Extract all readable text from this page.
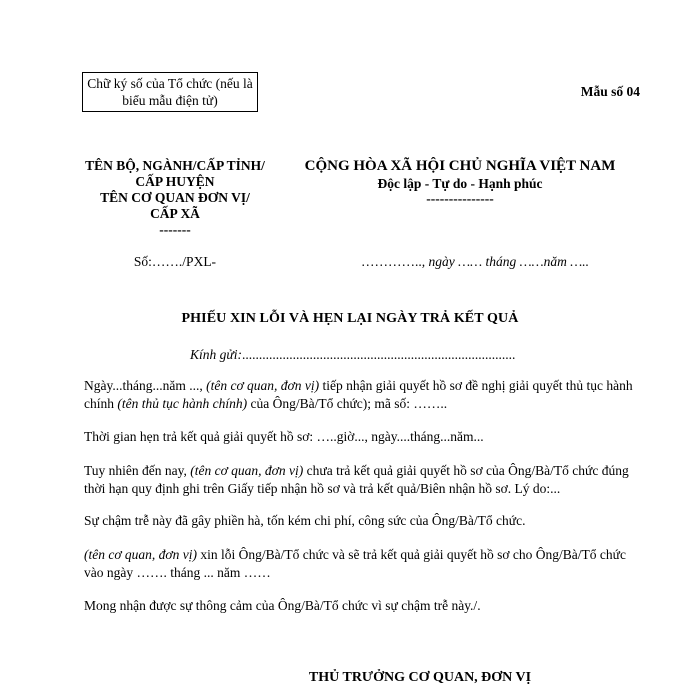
Chữ ký số của Tổ chức (nếu là
biểu mẫu điện tử)
Mẫu số 04
TÊN BỘ, NGÀNH/CẤP TỈNH/
CẤP HUYỆN
TÊN CƠ QUAN ĐƠN VỊ/
CẤP XÃ
-------
CỘNG HÒA XÃ HỘI CHỦ NGHĨA VIỆT NAM
Độc lập - Tự do - Hạnh phúc
---------------
Số:……./PXL-	………….., ngày …… tháng ……năm …..
PHIẾU XIN LỖI VÀ HẸN LẠI NGÀY TRẢ KẾT QUẢ
Kính gửi:.................................................................................
Ngày...tháng...năm ..., (tên cơ quan, đơn vị) tiếp nhận giải quyết hồ sơ đề nghị giải quyết thủ tục hành chính (tên thủ tục hành chính) của Ông/Bà/Tổ chức); mã số: ……..
Thời gian hẹn trả kết quả giải quyết hồ sơ: …..giờ..., ngày....tháng...năm...
Tuy nhiên đến nay, (tên cơ quan, đơn vị) chưa trả kết quả giải quyết hồ sơ của Ông/Bà/Tổ chức đúng thời hạn quy định ghi trên Giấy tiếp nhận hồ sơ và trả kết quả/Biên nhận hồ sơ. Lý do:...
Sự chậm trễ này đã gây phiền hà, tốn kém chi phí, công sức của Ông/Bà/Tổ chức.
(tên cơ quan, đơn vị) xin lỗi Ông/Bà/Tổ chức và sẽ trả kết quả giải quyết hồ sơ cho Ông/Bà/Tổ chức vào ngày ……. tháng ... năm ……
Mong nhận được sự thông cảm của Ông/Bà/Tổ chức vì sự chậm trễ này./.
THỦ TRƯỞNG CƠ QUAN, ĐƠN VỊ
